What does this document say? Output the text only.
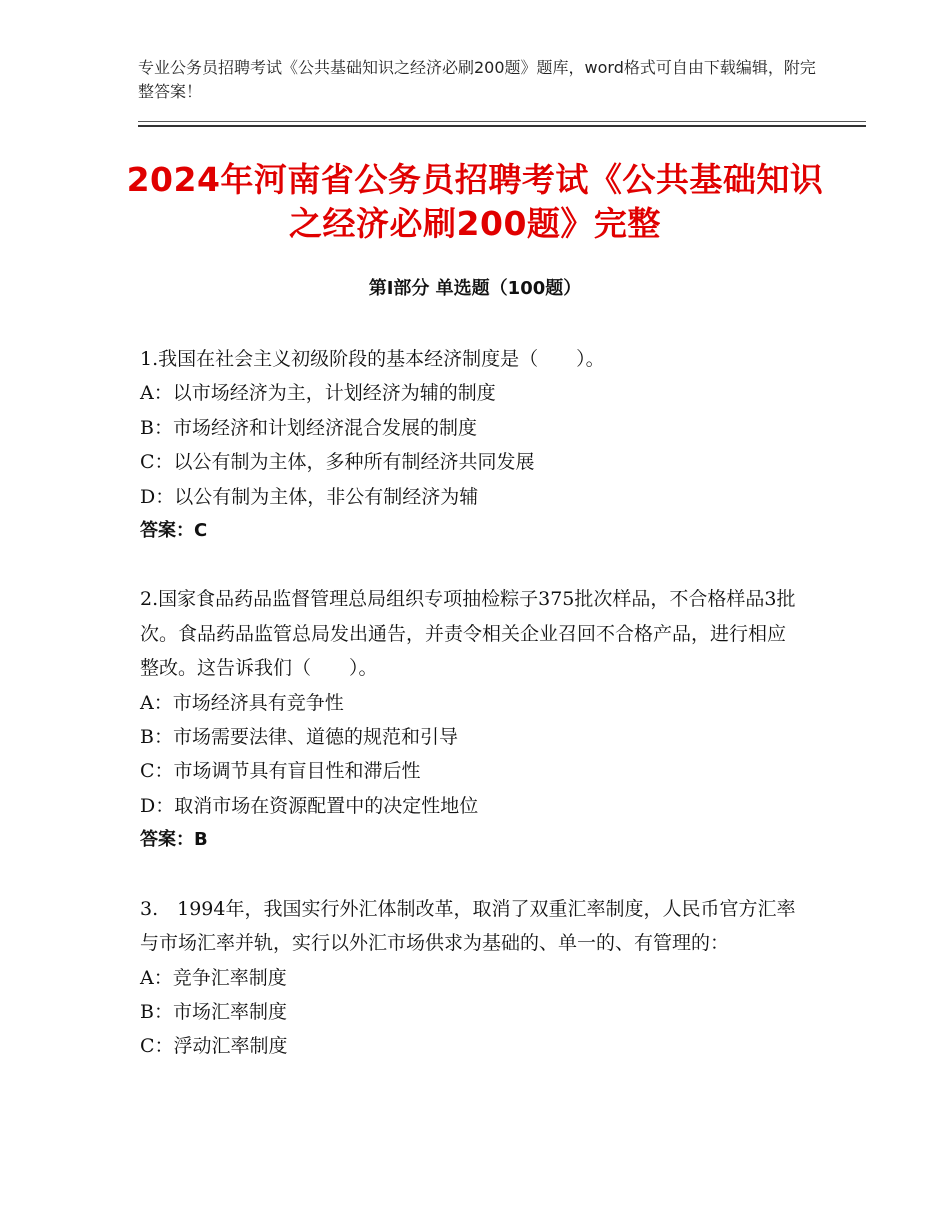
专业公务员招聘考试《公共基础知识之经济必刷200题》题库，word格式可自由下载编辑，附完整答案！
2024年河南省公务员招聘考试《公共基础知识之经济必刷200题》完整
第Ⅰ部分 单选题（100题）

1.我国在社会主义初级阶段的基本经济制度是（　　）。

A：以市场经济为主，计划经济为辅的制度

B：市场经济和计划经济混合发展的制度

C：以公有制为主体，多种所有制经济共同发展

D：以公有制为主体，非公有制经济为辅

答案：C

2.国家食品药品监督管理总局组织专项抽检粽子375批次样品，不合格样品3批次。食品药品监管总局发出通告，并责令相关企业召回不合格产品，进行相应整改。这告诉我们（　　）。

A：市场经济具有竞争性

B：市场需要法律、道德的规范和引导

C：市场调节具有盲目性和滞后性

D：取消市场在资源配置中的决定性地位

答案：B

3.　1994年，我国实行外汇体制改革，取消了双重汇率制度，人民币官方汇率与市场汇率并轨，实行以外汇市场供求为基础的、单一的、有管理的：

A：竞争汇率制度

B：市场汇率制度

C：浮动汇率制度
